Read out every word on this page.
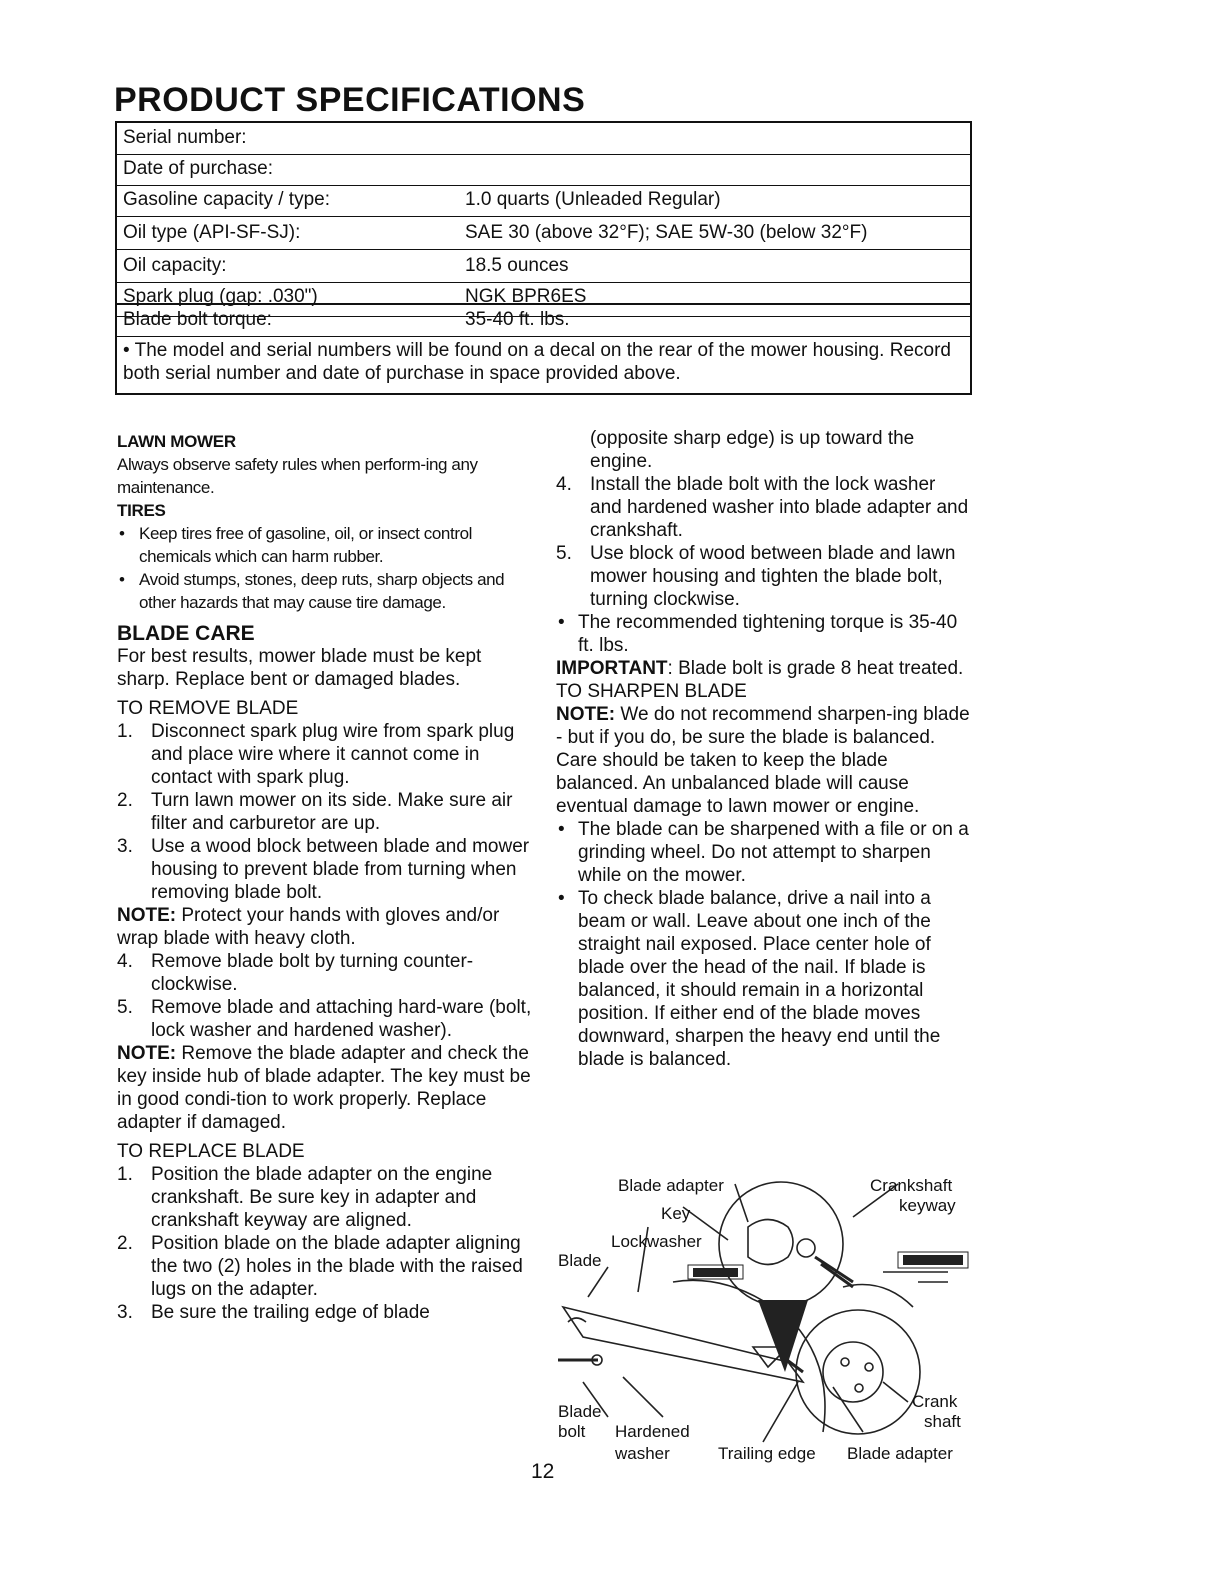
PRODUCT SPECIFICATIONS
Serial number:
Date of purchase:
Gasoline capacity / type:	1.0 quarts (Unleaded Regular)
Oil type (API-SF-SJ):	SAE 30 (above 32°F); SAE 5W-30 (below 32°F)
Oil capacity:	18.5 ounces
Spark plug (gap: .030")	NGK BPR6ES
Blade bolt torque:	35-40 ft. lbs.
• The model and serial numbers will be found on a decal on the rear of the mower housing. Record both serial number and date of purchase in space provided above.

LAWN MOWER

Always observe safety rules when perform-ing any maintenance.

TIRES

• Keep tires free of gasoline, oil, or insect control chemicals which can harm rubber.
• Avoid stumps, stones, deep ruts, sharp objects and other hazards that may cause tire damage.

BLADE CARE

For best results, mower blade must be kept sharp. Replace bent or damaged blades.

TO REMOVE BLADE

1. Disconnect spark plug wire from spark plug and place wire where it cannot come in contact with spark plug.
2. Turn lawn mower on its side. Make sure air filter and carburetor are up.
3. Use a wood block between blade and mower housing to prevent blade from turning when removing blade bolt.

NOTE: Protect your hands with gloves and/or wrap blade with heavy cloth.

4. Remove blade bolt by turning counter-clockwise.
5. Remove blade and attaching hard-ware (bolt, lock washer and hardened washer).

NOTE: Remove the blade adapter and check the key inside hub of blade adapter. The key must be in good condi-tion to work properly. Replace adapter if damaged.

TO REPLACE BLADE

1. Position the blade adapter on the engine crankshaft. Be sure key in adapter and crankshaft keyway are aligned.
2. Position blade on the blade adapter aligning the two (2) holes in the blade with the raised lugs on the adapter.
3. Be sure the trailing edge of blade

(opposite sharp edge) is up toward the engine.

4. Install the blade bolt with the lock washer and hardened washer into blade adapter and crankshaft.
5. Use block of wood between blade and lawn mower housing and tighten the blade bolt, turning clockwise.
• The recommended tightening torque is 35-40 ft. lbs.

IMPORTANT: Blade bolt is grade 8 heat treated.

TO SHARPEN BLADE

NOTE: We do not recommend sharpen-ing blade - but if you do, be sure the blade is balanced.

Care should be taken to keep the blade balanced. An unbalanced blade will cause eventual damage to lawn mower or engine.

• The blade can be sharpened with a file or on a grinding wheel. Do not attempt to sharpen while on the mower.
• To check blade balance, drive a nail into a beam or wall. Leave about one inch of the straight nail exposed. Place center hole of blade over the head of the nail. If blade is balanced, it should remain in a horizontal position. If either end of the blade moves downward, sharpen the heavy end until the blade is balanced.
Blade adapter
Key
Lockwasher
Blade
Crankshaft
keyway
Blade
bolt Hardened
washer	Trailing edge Blade adapter
Crank
shaft
12
